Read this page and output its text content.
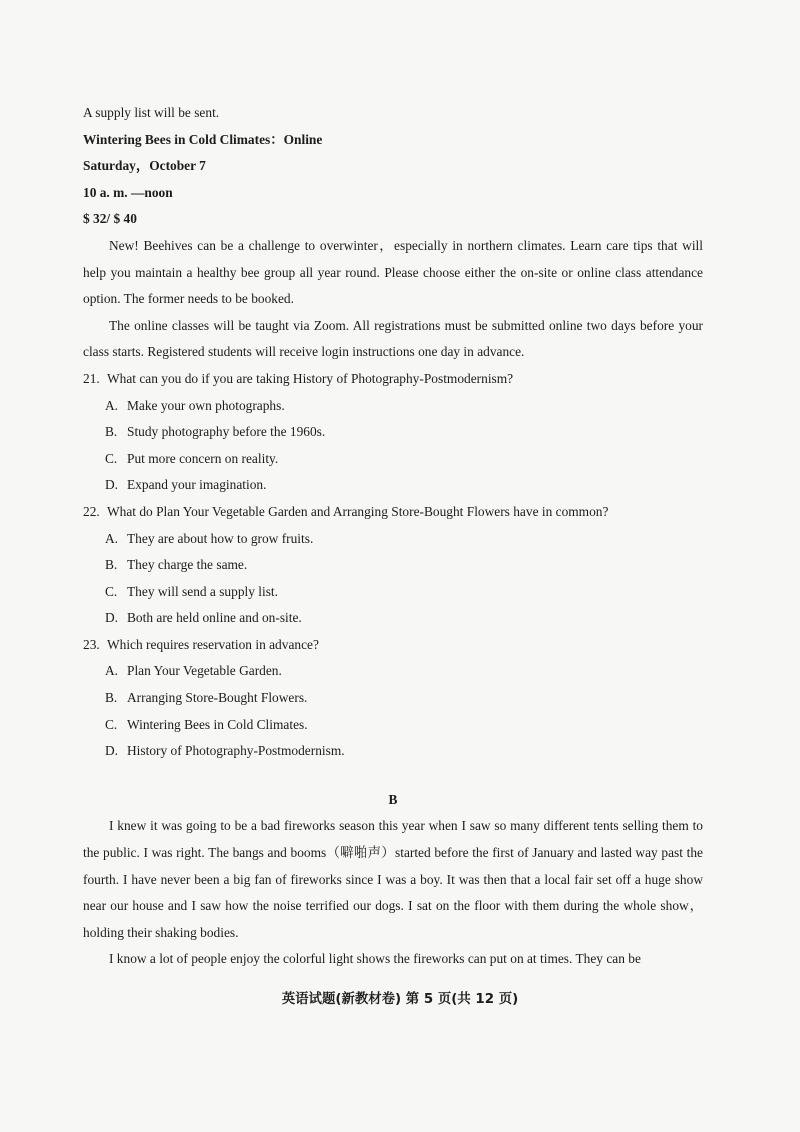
A supply list will be sent.
Wintering Bees in Cold Climates：Online
Saturday，October 7
10 a. m. —noon
$ 32/ $ 40
New! Beehives can be a challenge to overwinter，especially in northern climates. Learn care tips that will help you maintain a healthy bee group all year round. Please choose either the on-site or online class attendance option. The former needs to be booked.
The online classes will be taught via Zoom. All registrations must be submitted online two days before your class starts. Registered students will receive login instructions one day in advance.
21. What can you do if you are taking History of Photography-Postmodernism?
A. Make your own photographs.
B. Study photography before the 1960s.
C. Put more concern on reality.
D. Expand your imagination.
22. What do Plan Your Vegetable Garden and Arranging Store-Bought Flowers have in common?
A. They are about how to grow fruits.
B. They charge the same.
C. They will send a supply list.
D. Both are held online and on-site.
23. Which requires reservation in advance?
A. Plan Your Vegetable Garden.
B. Arranging Store-Bought Flowers.
C. Wintering Bees in Cold Climates.
D. History of Photography-Postmodernism.
B
I knew it was going to be a bad fireworks season this year when I saw so many different tents selling them to the public. I was right. The bangs and booms（噼啪声）started before the first of January and lasted way past the fourth. I have never been a big fan of fireworks since I was a boy. It was then that a local fair set off a huge show near our house and I saw how the noise terrified our dogs. I sat on the floor with them during the whole show，holding their shaking bodies.
I know a lot of people enjoy the colorful light shows the fireworks can put on at times. They can be
英语试题(新教材卷) 第 5 页(共 12 页)
